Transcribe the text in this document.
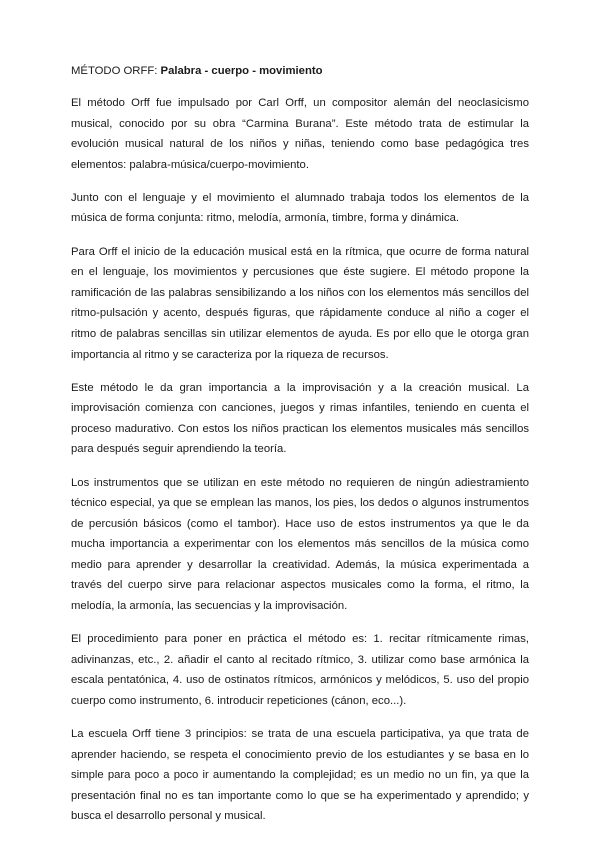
MÉTODO ORFF: Palabra - cuerpo - movimiento

El método Orff fue impulsado por Carl Orff, un compositor alemán del neoclasicismo musical, conocido por su obra “Carmina Burana”. Este método trata de estimular la evolución musical natural de los niños y niñas, teniendo como base pedagógica tres elementos: palabra-música/cuerpo-movimiento.

Junto con el lenguaje y el movimiento el alumnado trabaja todos los elementos de la música de forma conjunta: ritmo, melodía, armonía, timbre, forma y dinámica.

Para Orff el inicio de la educación musical está en la rítmica, que ocurre de forma natural en el lenguaje, los movimientos y percusiones que éste sugiere. El método propone la ramificación de las palabras sensibilizando a los niños con los elementos más sencillos del ritmo-pulsación y acento, después figuras, que rápidamente conduce al niño a coger el ritmo de palabras sencillas sin utilizar elementos de ayuda. Es por ello que le otorga gran importancia al ritmo y se caracteriza por la riqueza de recursos.

Este método le da gran importancia a la improvisación y a la creación musical. La improvisación comienza con canciones, juegos y rimas infantiles, teniendo en cuenta el proceso madurativo. Con estos los niños practican los elementos musicales más sencillos para después seguir aprendiendo la teoría.

Los instrumentos que se utilizan en este método no requieren de ningún adiestramiento técnico especial, ya que se emplean las manos, los pies, los dedos o algunos instrumentos de percusión básicos (como el tambor). Hace uso de estos instrumentos ya que le da mucha importancia a experimentar con los elementos más sencillos de la música como medio para aprender y desarrollar la creatividad. Además, la música experimentada a través del cuerpo sirve para relacionar aspectos musicales como la forma, el ritmo, la melodía, la armonía, las secuencias y la improvisación.

El procedimiento para poner en práctica el método es: 1. recitar rítmicamente rimas, adivinanzas, etc., 2. añadir el canto al recitado rítmico, 3. utilizar como base armónica la escala pentatónica, 4. uso de ostinatos rítmicos, armónicos y melódicos, 5. uso del propio cuerpo como instrumento, 6. introducir repeticiones (cánon, eco...).

La escuela Orff tiene 3 principios: se trata de una escuela participativa, ya que trata de aprender haciendo, se respeta el conocimiento previo de los estudiantes y se basa en lo simple para poco a poco ir aumentando la complejidad; es un medio no un fin, ya que la presentación final no es tan importante como lo que se ha experimentado y aprendido; y busca el desarrollo personal y musical.
